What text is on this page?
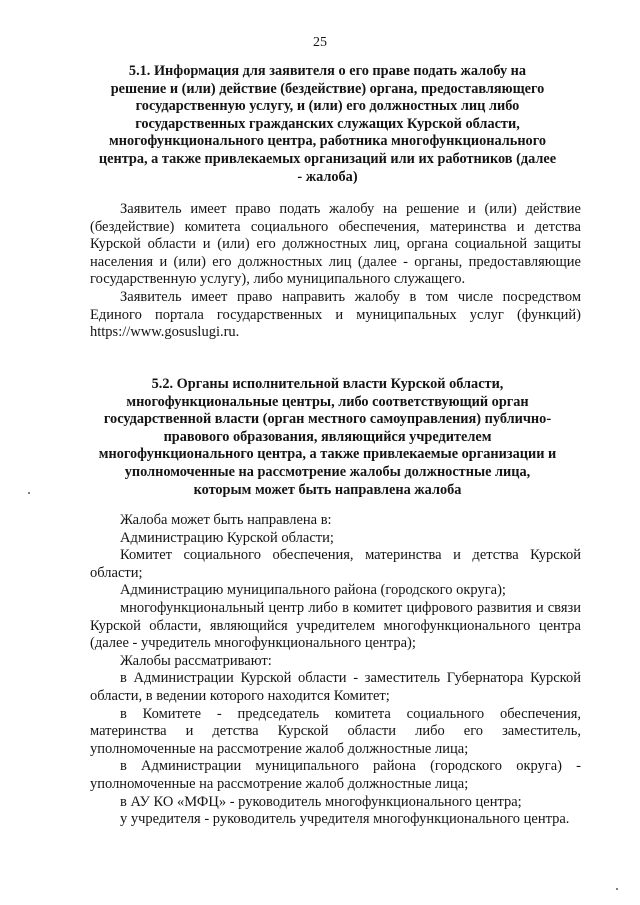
25
5.1. Информация для заявителя о его праве подать жалобу на
решение и (или) действие (бездействие) органа, предоставляющего
государственную услугу, и (или) его должностных лиц либо
государственных гражданских служащих Курской области,
многофункционального центра, работника многофункционального
центра, а также привлекаемых организаций или их работников (далее
- жалоба)

Заявитель имеет право подать жалобу на решение и (или) действие (бездействие) комитета социального обеспечения, материнства и детства Курской области и (или) его должностных лиц, органа социальной защиты населения и (или) его должностных лиц (далее - органы, предоставляющие государственную услугу), либо муниципального служащего.

Заявитель имеет право направить жалобу в том числе посредством Единого портала государственных и муниципальных услуг (функций) https://www.gosuslugi.ru.

5.2. Органы исполнительной власти Курской области,
многофункциональные центры, либо соответствующий орган
государственной власти (орган местного самоуправления) публично-
правового образования, являющийся учредителем
многофункционального центра, а также привлекаемые организации и
уполномоченные на рассмотрение жалобы должностные лица,
которым может быть направлена жалоба

Жалоба может быть направлена в:

Администрацию Курской области;

Комитет социального обеспечения, материнства и детства Курской области;

Администрацию муниципального района (городского округа);

многофункциональный центр либо в комитет цифрового развития и связи Курской области, являющийся учредителем многофункционального центра (далее - учредитель многофункционального центра);

Жалобы рассматривают:

в Администрации Курской области - заместитель Губернатора Курской области, в ведении которого находится Комитет;

в Комитете - председатель комитета социального обеспечения, материнства и детства Курской области либо его заместитель, уполномоченные на рассмотрение жалоб должностные лица;

в Администрации муниципального района (городского округа) - уполномоченные на рассмотрение жалоб должностные лица;

в АУ КО «МФЦ» - руководитель многофункционального центра;

у учредителя - руководитель учредителя многофункционального центра.
